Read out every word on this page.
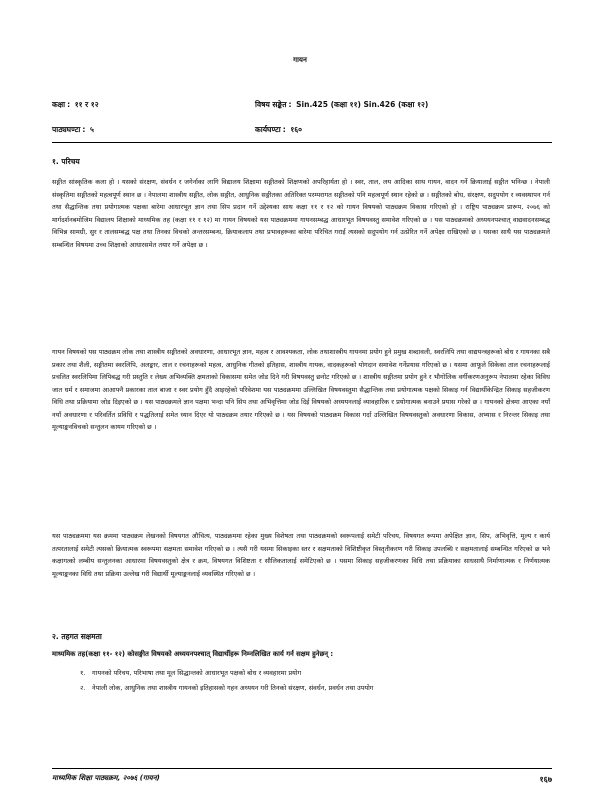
गायन
कक्षा : ११ र १२	विषय सङ्केत : Sin.425 (कक्षा ११) Sin.426 (कक्षा १२)
पाठ्यघण्टा : ५	कार्यघण्टा : १६०
१. परिचय

सङ्गीत सांस्कृतिक कला हो । यसको संरक्षण, संवर्धन र जगेर्नाका लागि विद्यालय शिक्षामा सङ्गीतको शिक्षणको अपरिहार्यता हो । स्वर, ताल, लय आदिका साथ गायन, वादन गर्ने क्रियालाई सङ्गीत भनिन्छ । नेपाली संस्कृतिमा सङ्गीतको महत्वपूर्ण स्थान छ । नेपालमा शास्त्रीय सङ्गीत, लोक सङ्गीत, आधुनिक सङ्गीतका अतिरिक्त परम्परागत सङ्गीतको पनि महत्वपूर्ण स्थान रहेको छ । सङ्गीतको बोध, संरक्षण, सदुपयोग र व्यवस्थापन गर्न तथा सैद्धान्तिक तथा प्रयोगात्मक पक्षका बारेमा आधारभूत ज्ञान तथा सिप प्रदान गर्ने उद्देश्यका साथ कक्षा ११ र १२ को गायन विषयको पाठ्यक्रम विकास गरिएको हो । राष्ट्रिय पाठ्यक्रम प्रारूप, २०७६ को मार्गदर्शनबमोजिम विद्यालय शिक्षाको माध्यमिक तह (कक्षा ११ र १२) मा गायन विषयको यस पाठ्यक्रममा गायनसम्बद्ध आधारभूत विषयवस्तु समावेश गरिएको छ । यस पाठ्यक्रमको अध्ययनपश्चात् वाद्यवादनसम्बद्ध विभिन्न सामग्री, सुर र तालसम्बद्ध पक्ष तथा तिनका विचको अन्तरसम्बन्ध, क्रियाकलाप तथा प्रभावहरूका बारेमा परिचित गराई त्यसको सदुपयोग गर्न उत्प्रेरित गर्ने अपेक्षा राखिएको छ । यसका साथै यस पाठ्यक्रमले सम्बन्धित विषयमा उच्च शिक्षाको आधारसमेत तयार गर्ने अपेक्षा छ ।

गायन विषयको यस पाठ्यक्रम लोक तथा शास्त्रीय सङ्गीतको अवधारणा, आधारभूत ज्ञान, महत्व र आवश्यकता, लोक तथाशास्त्रीय गायनमा प्रयोग हुने प्रमुख शब्दावली, स्वरलिपि तथा वाद्ययन्त्रहरूको बोध र गायनका सबै प्रकार तथा शैली, सङ्गीतमा स्वरलिपि, अलङ्कार, ताल र रचनाहरूको महत्व, आधुनिक गीतको इतिहास, शास्त्रीय गायक, वादकहरूको योगदान समावेश गर्नेप्रयास गरिएको छ । यसमा आफूले सिकेका ताल रचनाहरूलाई प्रचलित स्वरलिपिमा लिपिबद्ध गरी प्रस्तुति र लेख्य अभिव्यक्ति क्षमताको विकासमा समेत जोड दिने गरी विषयवस्तु छनोट गरिएको छ । शास्त्रीय सङ्गीतमा प्रयोग हुने र भौगोलिक वर्गीकरणअनुरूप नेपालमा रहेका विविध जात धर्म र समाजमा आआफ्नै प्रकारका ताल बाजा र स्वर प्रयोग हुँदै आइरहेको परिवेशमा यस पाठ्यक्रममा उल्लिखित विषयवस्तुमा सैद्धान्तिक तथा प्रयोगात्मक पक्षको सिकाइ गर्न विद्यार्थीकेन्द्रित सिकाइ सहजीकरण विधि तथा प्रक्रियामा जोड दिइएको छ । यस पाठ्यक्रमले ज्ञान पक्षमा भन्दा पनि सिप तथा अभिवृत्तिमा जोड दिई विषयको अध्ययनलाई व्यावहारिक र प्रयोगात्मक बनाउने प्रयास गरेको छ । गायनको क्षेत्रमा आएका नयाँ नयाँ अवधारणा र परिवर्तित प्रविधि र पद्धतिलाई समेत ध्यान दिएर यो पाठ्यक्रम तयार गरिएको छ । यस विषयको पाठ्यक्रम विकास गर्दा उल्लिखित विषयवस्तुको अवधारणा विकास, अभ्यास र निरन्तर सिकाइ तथा मूल्याङ्कनविचको सन्तुलन कायम गरिएको छ ।

यस पाठ्यक्रममा यस क्रममा पाठ्यक्रम लेखनको विषयगत औचित्य, पाठ्यक्रममा रहेका मुख्य विशेषता तथा पाठ्यक्रमको स्वरूपलाई समेटी परिचय, विषयगत रूपमा अपेक्षित ज्ञान, सिप, अभिवृत्ति, मूल्य र कार्य तत्परतालाई समेटी त्यसको क्रियात्मक स्वरूपमा सक्षमता समावेश गरिएको छ । त्यसै गरी यसमा सिकाइका स्तर र सक्षमताको विशिष्टीकृत विस्तृतीकरण गरी सिकाइ उपलब्धि र सक्षमतालाई सम्बन्धित गरिएको छ भने कक्षागत्को लम्बीय सन्तुलनका आधारमा विषयवस्तुको क्षेत्र र क्रम, विषयगत विशिष्टता र सौलिकतालाई समेटिएको छ । यसमा सिकाइ सहजीकरणका विधि तथा प्रक्रियाका साधसाथै निर्माणात्मक र निर्णयात्मक मूल्याङ्कनका विधि तथा प्रक्रिया उल्लेख गरी विद्यार्थी मूल्याङ्कनलाई व्यवस्थित गरिएको छ ।

२. तहगत सक्षमता
माध्यमिक तह(कक्षा ११- १२) कोसङ्गीत विषयको अध्ययनपश्चात् विद्यार्थीहरू निम्नलिखित कार्य गर्न सक्षम हुनेछन् :
१.	गायनको परिचय, परिभाषा तथा मूल सिद्धान्तको आधारभूत पक्षको बोध र व्यवहारमा प्रयोग
२.	नेपाली लोक, आधुनिक तथा शास्त्रीय गायनको इतिहासको गहन अध्ययन गरी तिनको संरक्षण, संवर्धन, प्रवर्धन तथा उपयोग
माध्यमिक शिक्षा पाठ्यक्रम, २०७६ (गायन)	१६७
